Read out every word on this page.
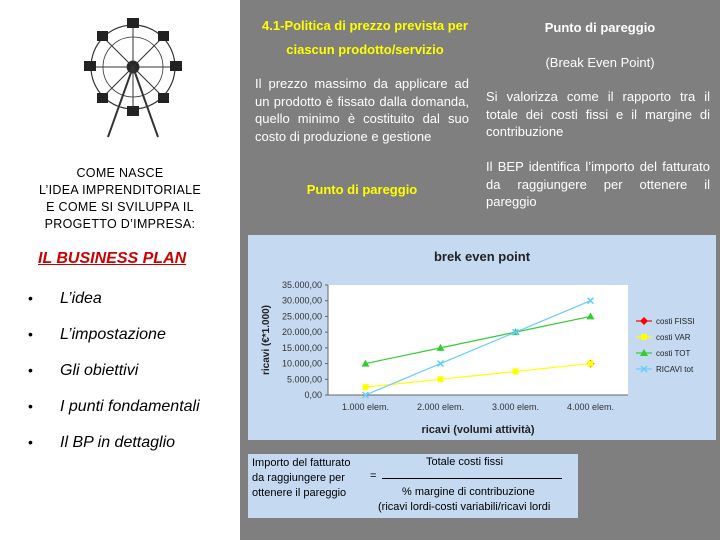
COME NASCE
L’IDEA IMPRENDITORIALE
E COME SI SVILUPPA IL
PROGETTO D’IMPRESA:
IL BUSINESS PLAN
•	L’idea
•	L’impostazione
•	Gli obiettivi
•	I punti fondamentali
•	Il BP in dettaglio
4.1-Politica di prezzo prevista per ciascun prodotto/servizio
Punto di pareggio
(Break Even Point)
Il prezzo massimo da applicare ad un prodotto è fissato dalla domanda, quello minimo è costituito dal suo costo di produzione e gestione
Punto di pareggio
Si valorizza come il rapporto tra il totale dei costi fissi e il margine di contribuzione
Il BEP identifica l’importo del fatturato da raggiungere per ottenere il pareggio
brek even point
0,00
5.000,00
10.000,00
15.000,00
20.000,00
25.000,00
30.000,00
35.000,00
1.000 elem.	2.000 elem.	3.000 elem.	4.000 elem.
ricavi (volumi attività)
ricavi (€*1.000)	costi FISSI
costi VAR
costi TOT
RICAVI tot
Importo del fatturato
da raggiungere per
ottenere il pareggio
Totale costi fissi
=
% margine di contribuzione
(ricavi lordi-costi variabili/ricavi lordi
